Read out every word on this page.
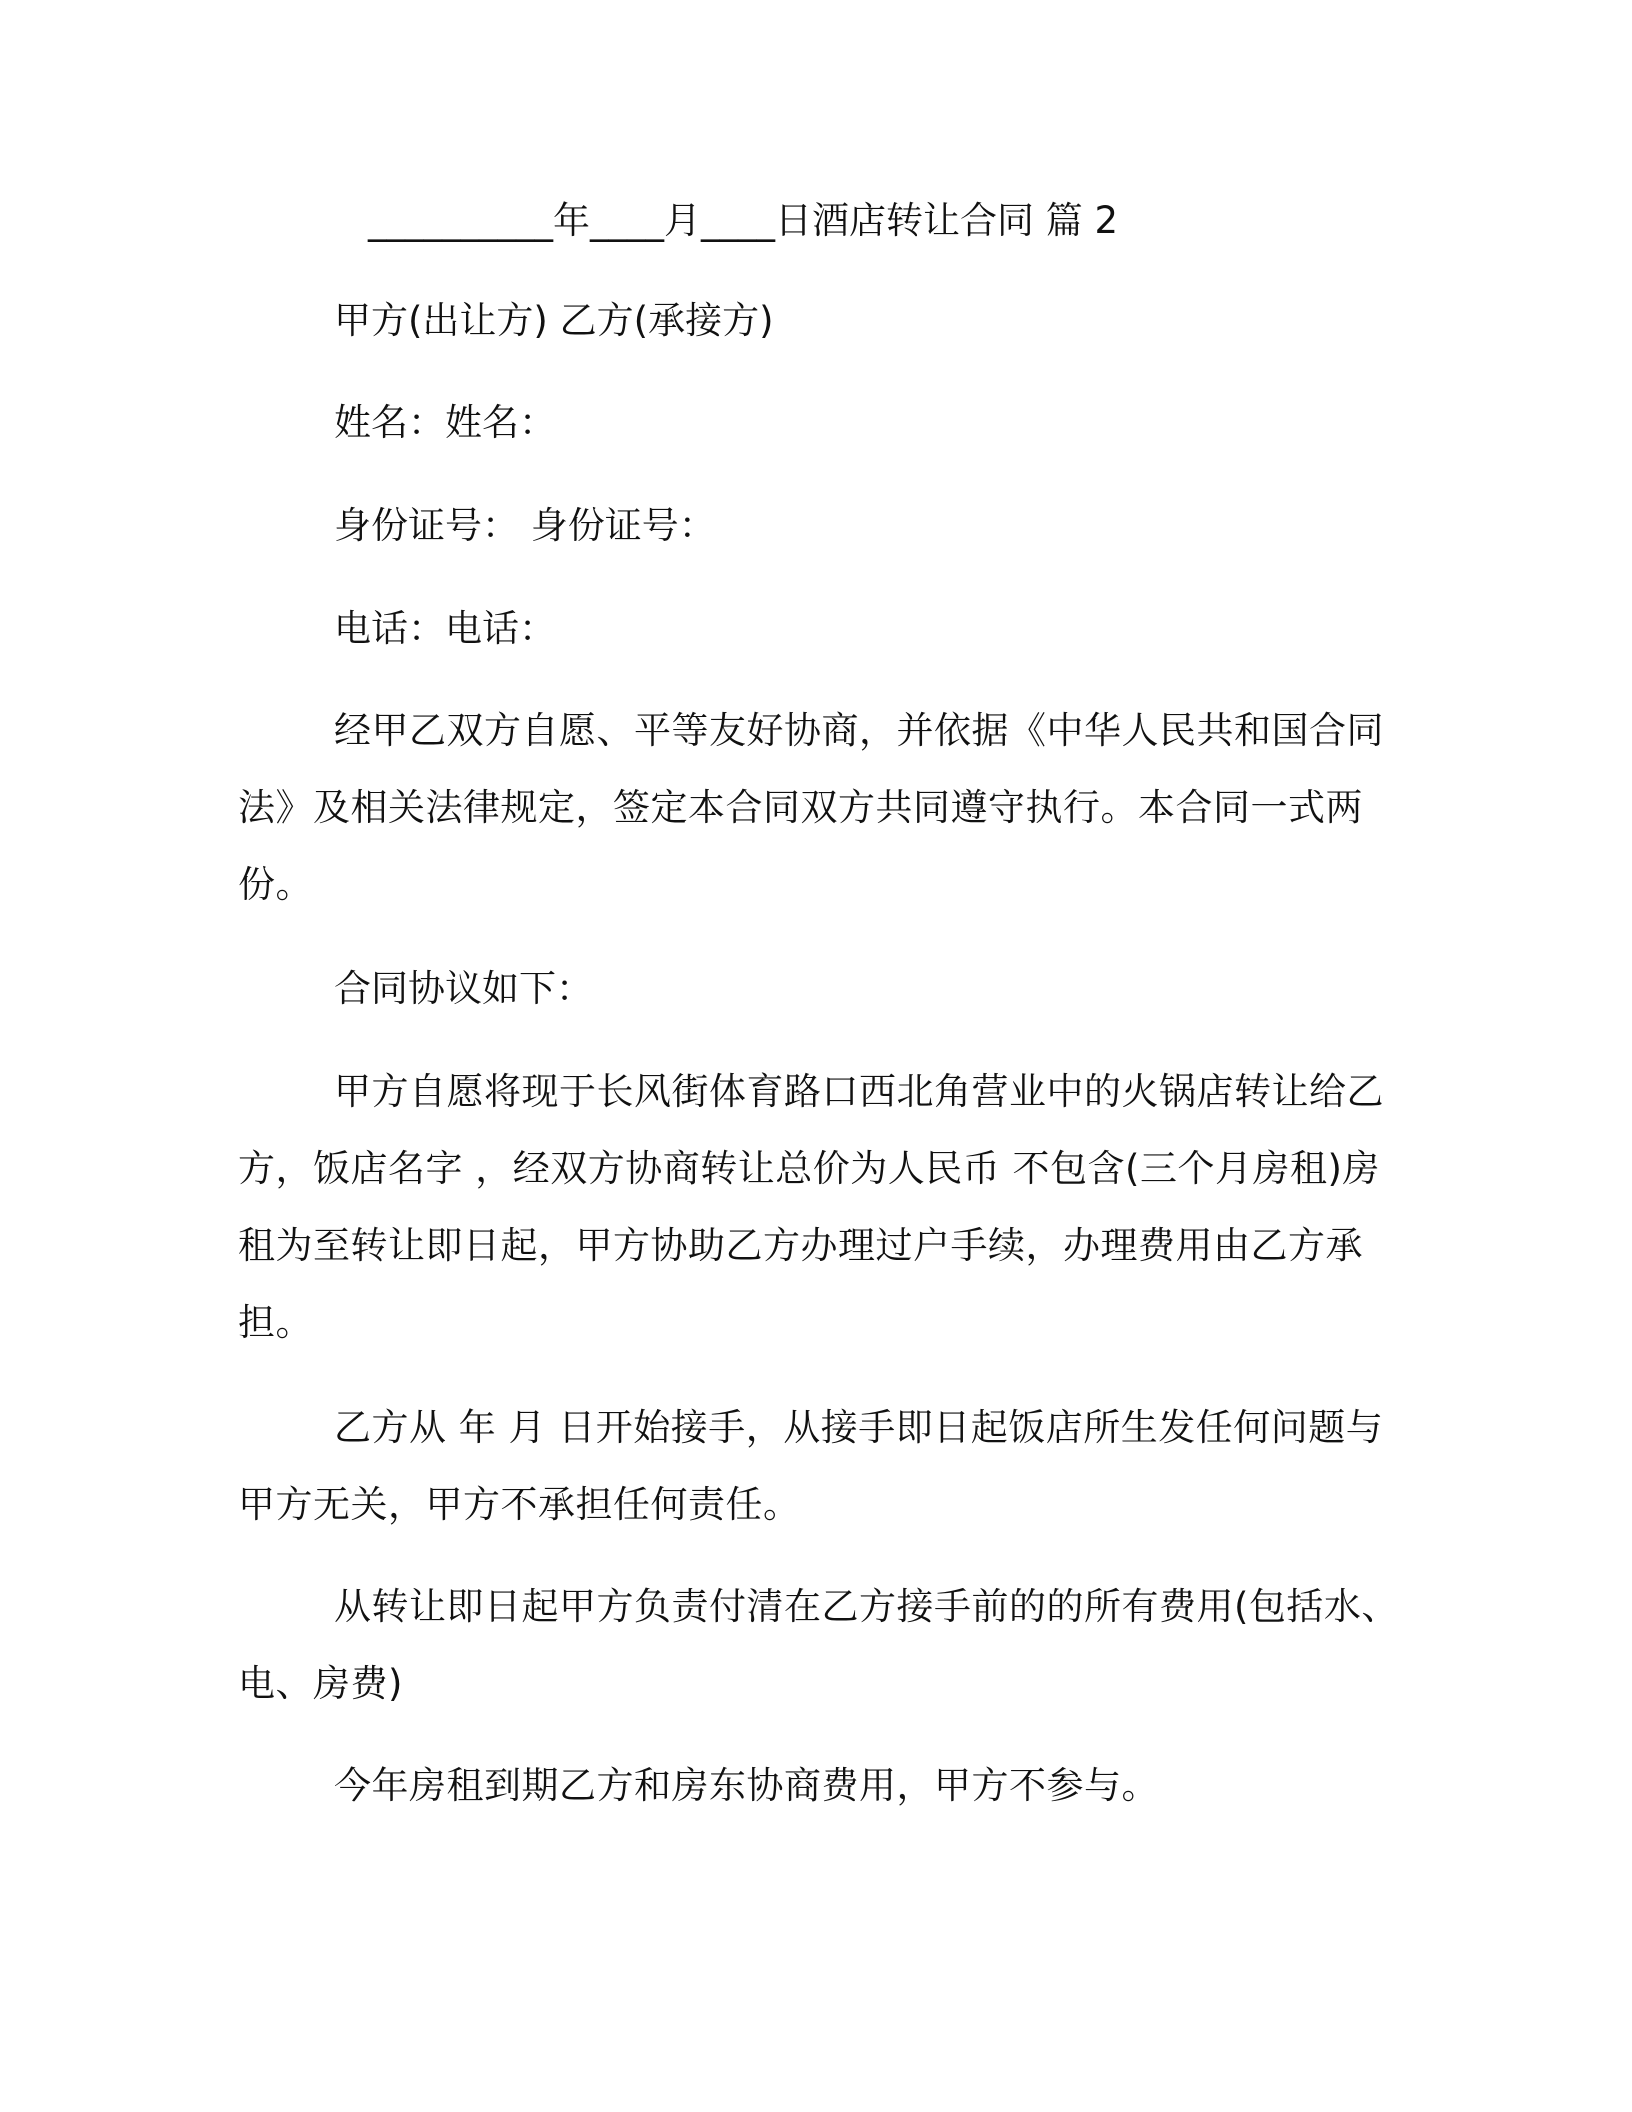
__________年____月____日酒店转让合同 篇 2
甲方(出让方) 乙方(承接方)
姓名：姓名：
身份证号： 身份证号：
电话：电话：
经甲乙双方自愿、平等友好协商，并依据《中华人民共和国合同
法》及相关法律规定，签定本合同双方共同遵守执行。本合同一式两
份。
合同协议如下：
甲方自愿将现于长风街体育路口西北角营业中的火锅店转让给乙
方，饭店名字 ，经双方协商转让总价为人民币 不包含(三个月房租)房
租为至转让即日起，甲方协助乙方办理过户手续，办理费用由乙方承
担。
乙方从 年 月 日开始接手，从接手即日起饭店所生发任何问题与
甲方无关，甲方不承担任何责任。
从转让即日起甲方负责付清在乙方接手前的的所有费用(包括水、
电、房费)
今年房租到期乙方和房东协商费用，甲方不参与。
